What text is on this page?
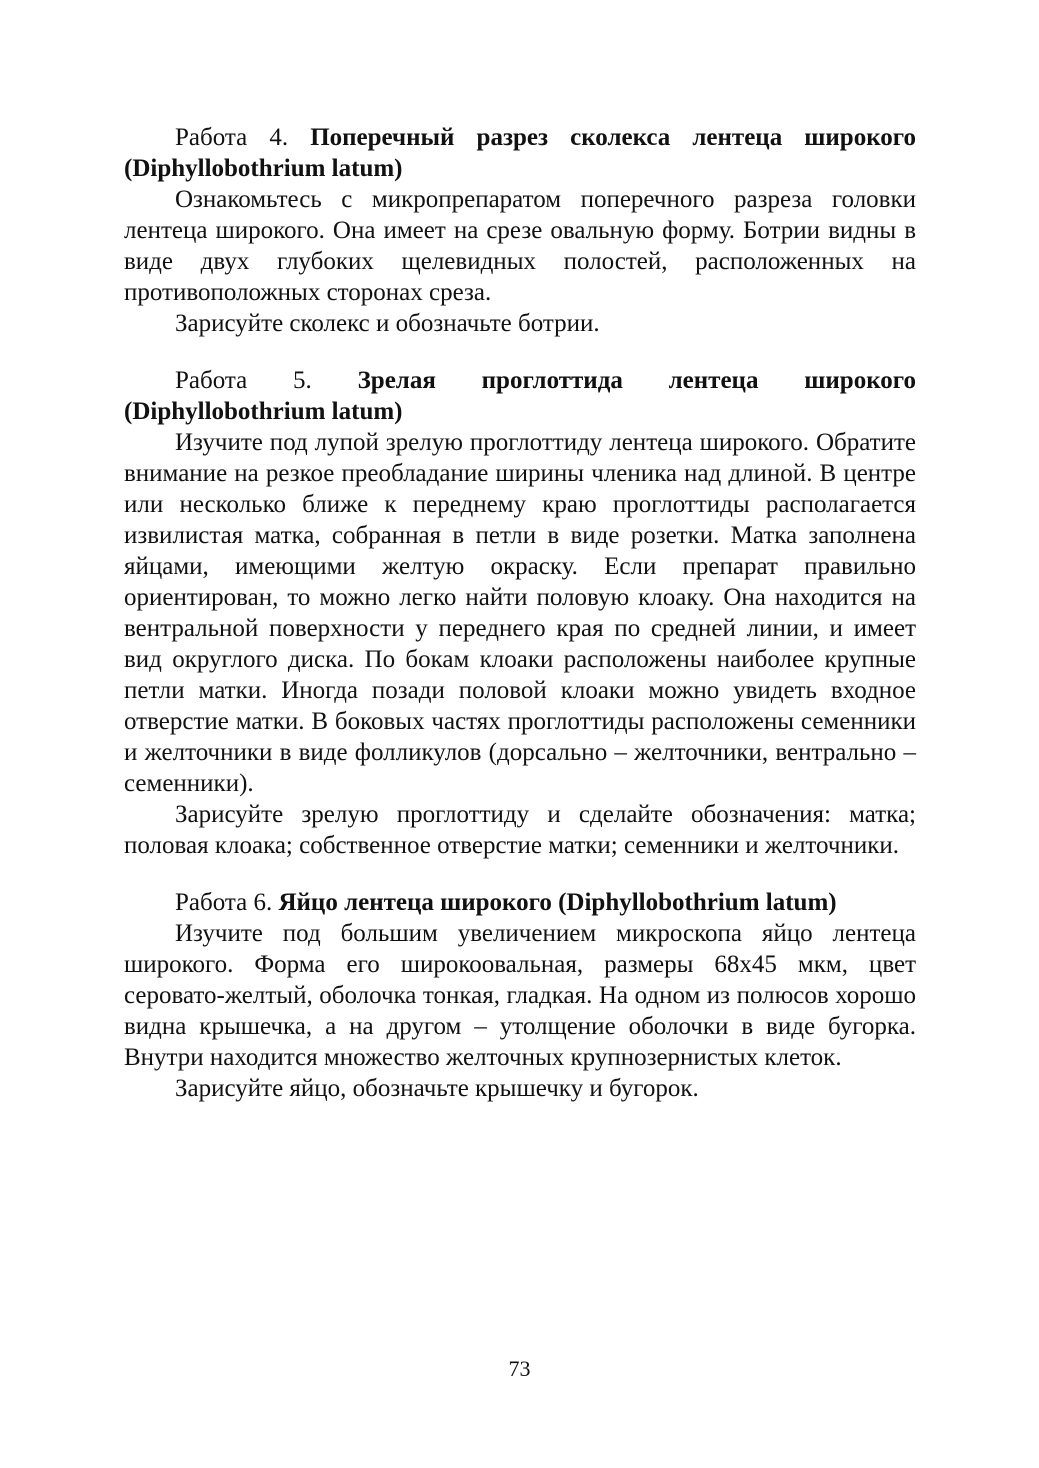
Работа 4. Поперечный разрез сколекса лентеца широкого (Diphyllobothrium latum)

Ознакомьтесь с микропрепаратом поперечного разреза головки лентеца широкого. Она имеет на срезе овальную форму. Ботрии видны в виде двух глубоких щелевидных полостей, расположенных на противоположных сторонах среза.

Зарисуйте сколекс и обозначьте ботрии.

Работа 5. Зрелая проглоттида лентеца широкого (Diphyllobothrium latum)

Изучите под лупой зрелую проглоттиду лентеца широкого. Обратите внимание на резкое преобладание ширины членика над длиной. В центре или несколько ближе к переднему краю проглоттиды располагается извилистая матка, собранная в петли в виде розетки. Матка заполнена яйцами, имеющими желтую окраску. Если препарат правильно ориентирован, то можно легко найти половую клоаку. Она находится на вентральной поверхности у переднего края по средней линии, и имеет вид округлого диска. По бокам клоаки расположены наиболее крупные петли матки. Иногда позади половой клоаки можно увидеть входное отверстие матки. В боковых частях проглоттиды расположены семенники и желточники в виде фолликулов (дорсально – желточники, вентрально – семенники).

Зарисуйте зрелую проглоттиду и сделайте обозначения: матка; половая клоака; собственное отверстие матки; семенники и желточники.

Работа 6. Яйцо лентеца широкого (Diphyllobothrium latum)

Изучите под большим увеличением микроскопа яйцо лентеца широкого. Форма его широкоовальная, размеры 68х45 мкм, цвет серовато-желтый, оболочка тонкая, гладкая. На одном из полюсов хорошо видна крышечка, а на другом – утолщение оболочки в виде бугорка. Внутри находится множество желточных крупнозернистых клеток.

Зарисуйте яйцо, обозначьте крышечку и бугорок.

73
